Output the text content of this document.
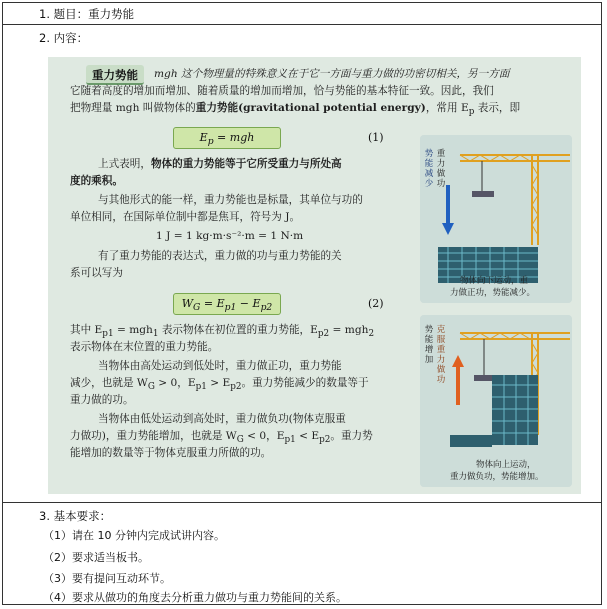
1. 题目：重力势能
2. 内容：
重力势能	mgh 这个物理量的特殊意义在于它一方面与重力做的功密切相关，另一方面
它随着高度的增加而增加、随着质量的增加而增加，恰与势能的基本特征一致。因此，我们
把物理量 mgh 叫做物体的重力势能(gravitational potential energy)，常用 $E_p$ 表示，即
$E_p$ = mgh	(1)
上式表明，物体的重力势能等于它所受重力与所处高
度的乘积。
与其他形式的能一样，重力势能也是标量，其单位与功的
单位相同，在国际单位制中都是焦耳，符号为 J。
1 J = 1 kg·m·s⁻²·m = 1 N·m
有了重力势能的表达式，重力做的功与重力势能的关
系可以写为
$W_G = E_{p1} - E_{p2}$	(2)
其中 $E_{p1} = mgh_1$ 表示物体在初位置的重力势能，$E_{p2} = mgh_2$
表示物体在末位置的重力势能。
当物体由高处运动到低处时，重力做正功，重力势能
减少，也就是 $W_G > 0$，$E_{p1} > E_{p2}$。重力势能减少的数量等于
重力做的功。
当物体由低处运动到高处时，重力做负功(物体克服重
力做功)，重力势能增加，也就是 $W_G < 0$，$E_{p1} < E_{p2}$。重力势
能增加的数量等于物体克服重力所做的功。
势能减少
重力做功
物体向下运动，重
力做正功，势能减少。
势能增加
克服重力做功
物体向上运动，
重力做负功，势能增加。
3. 基本要求：
（1）请在 10 分钟内完成试讲内容。
（2）要求适当板书。
（3）要有提问互动环节。
（4）要求从做功的角度去分析重力做功与重力势能间的关系。
